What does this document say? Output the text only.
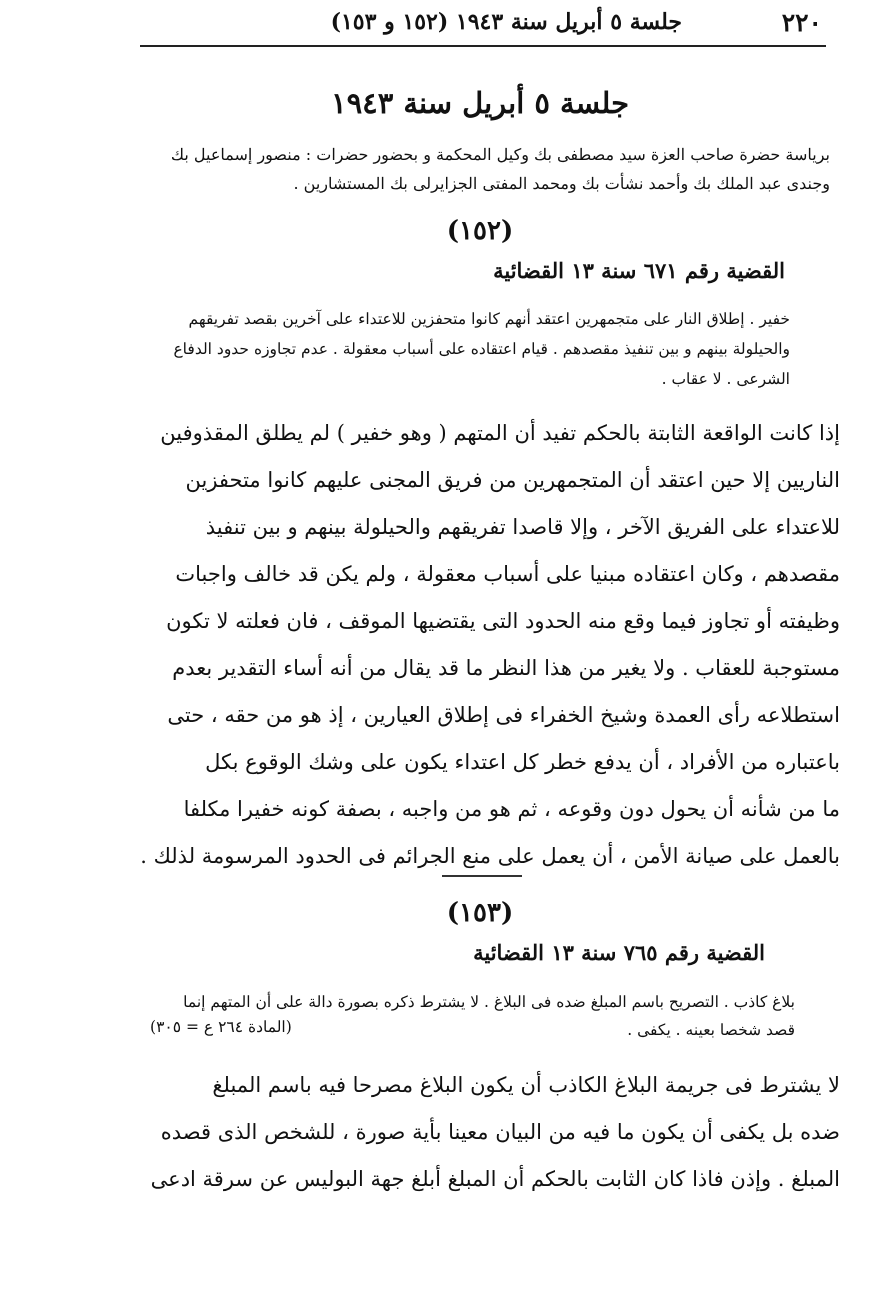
٢٢٠
جلسة ٥ أبريل سنة ١٩٤٣ (١٥٢ و ١٥٣)
جلسة ٥ أبريل سنة ١٩٤٣
برياسة حضرة صاحب العزة سيد مصطفى بك وكيل المحكمة و بحضور حضرات : منصور إسماعيل بك
وجندى عبد الملك بك وأحمد نشأت بك ومحمد المفتى الجزايرلى بك المستشارين .
(١٥٢)
القضية رقم ٦٧١ سنة ١٣ القضائية
خفير . إطلاق النار على متجمهرين اعتقد أنهم كانوا متحفزين للاعتداء على آخرين بقصد تفريقهم
والحيلولة بينهم و بين تنفيذ مقصدهم . قيام اعتقاده على أسباب معقولة . عدم تجاوزه حدود الدفاع
الشرعى . لا عقاب .
إذا كانت الواقعة الثابتة بالحكم تفيد أن المتهم ( وهو خفير ) لم يطلق المقذوفين
الناريين إلا حين اعتقد أن المتجمهرين من فريق المجنى عليهم كانوا متحفزين
للاعتداء على الفريق الآخر ، وإلا قاصدا تفريقهم والحيلولة بينهم و بين تنفيذ
مقصدهم ، وكان اعتقاده مبنيا على أسباب معقولة ، ولم يكن قد خالف واجبات
وظيفته أو تجاوز فيما وقع منه الحدود التى يقتضيها الموقف ، فان فعلته لا تكون
مستوجبة للعقاب . ولا يغير من هذا النظر ما قد يقال من أنه أساء التقدير بعدم
استطلاعه رأى العمدة وشيخ الخفراء فى إطلاق العيارين ، إذ هو من حقه ، حتى
باعتباره من الأفراد ، أن يدفع خطر كل اعتداء يكون على وشك الوقوع بكل
ما من شأنه أن يحول دون وقوعه ، ثم هو من واجبه ، بصفة كونه خفيرا مكلفا
بالعمل على صيانة الأمن ، أن يعمل على منع الجرائم فى الحدود المرسومة لذلك .
(١٥٣)
القضية رقم ٧٦٥ سنة ١٣ القضائية
بلاغ كاذب . التصريح باسم المبلغ ضده فى البلاغ . لا يشترط ذكره بصورة دالة على أن المتهم إنما
قصد شخصا بعينه . يكفى .
(المادة ٢٦٤ ع = ٣٠٥)
لا يشترط فى جريمة البلاغ الكاذب أن يكون البلاغ مصرحا فيه باسم المبلغ
ضده بل يكفى أن يكون ما فيه من البيان معينا بأية صورة ، للشخص الذى قصده
المبلغ . وإذن فاذا كان الثابت بالحكم أن المبلغ أبلغ جهة البوليس عن سرقة ادعى
